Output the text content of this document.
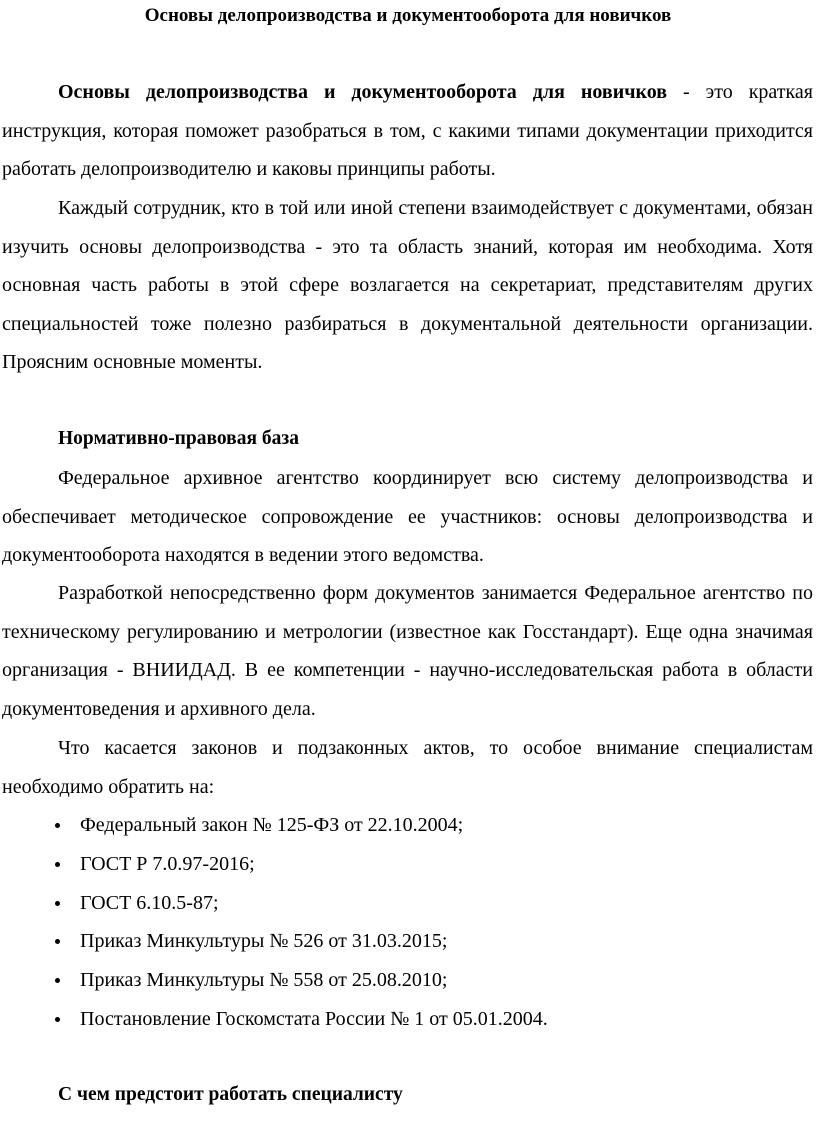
Основы делопроизводства и документооборота для новичков

Основы делопроизводства и документооборота для новичков - это краткая инструкция, которая поможет разобраться в том, с какими типами документации приходится работать делопроизводителю и каковы принципы работы.

Каждый сотрудник, кто в той или иной степени взаимодействует с документами, обязан изучить основы делопроизводства - это та область знаний, которая им необходима. Хотя основная часть работы в этой сфере возлагается на секретариат, представителям других специальностей тоже полезно разбираться в документальной деятельности организации. Проясним основные моменты.

Нормативно-правовая база

Федеральное архивное агентство координирует всю систему делопроизводства и обеспечивает методическое сопровождение ее участников: основы делопроизводства и документооборота находятся в ведении этого ведомства.

Разработкой непосредственно форм документов занимается Федеральное агентство по техническому регулированию и метрологии (известное как Госстандарт). Еще одна значимая организация - ВНИИДАД. В ее компетенции - научно-исследовательская работа в области документоведения и архивного дела.

Что касается законов и подзаконных актов, то особое внимание специалистам необходимо обратить на:

Федеральный закон № 125-ФЗ от 22.10.2004;
ГОСТ Р 7.0.97-2016;
ГОСТ 6.10.5-87;
Приказ Минкультуры № 526 от 31.03.2015;
Приказ Минкультуры № 558 от 25.08.2010;
Постановление Госкомстата России № 1 от 05.01.2004.
С чем предстоит работать специалисту
